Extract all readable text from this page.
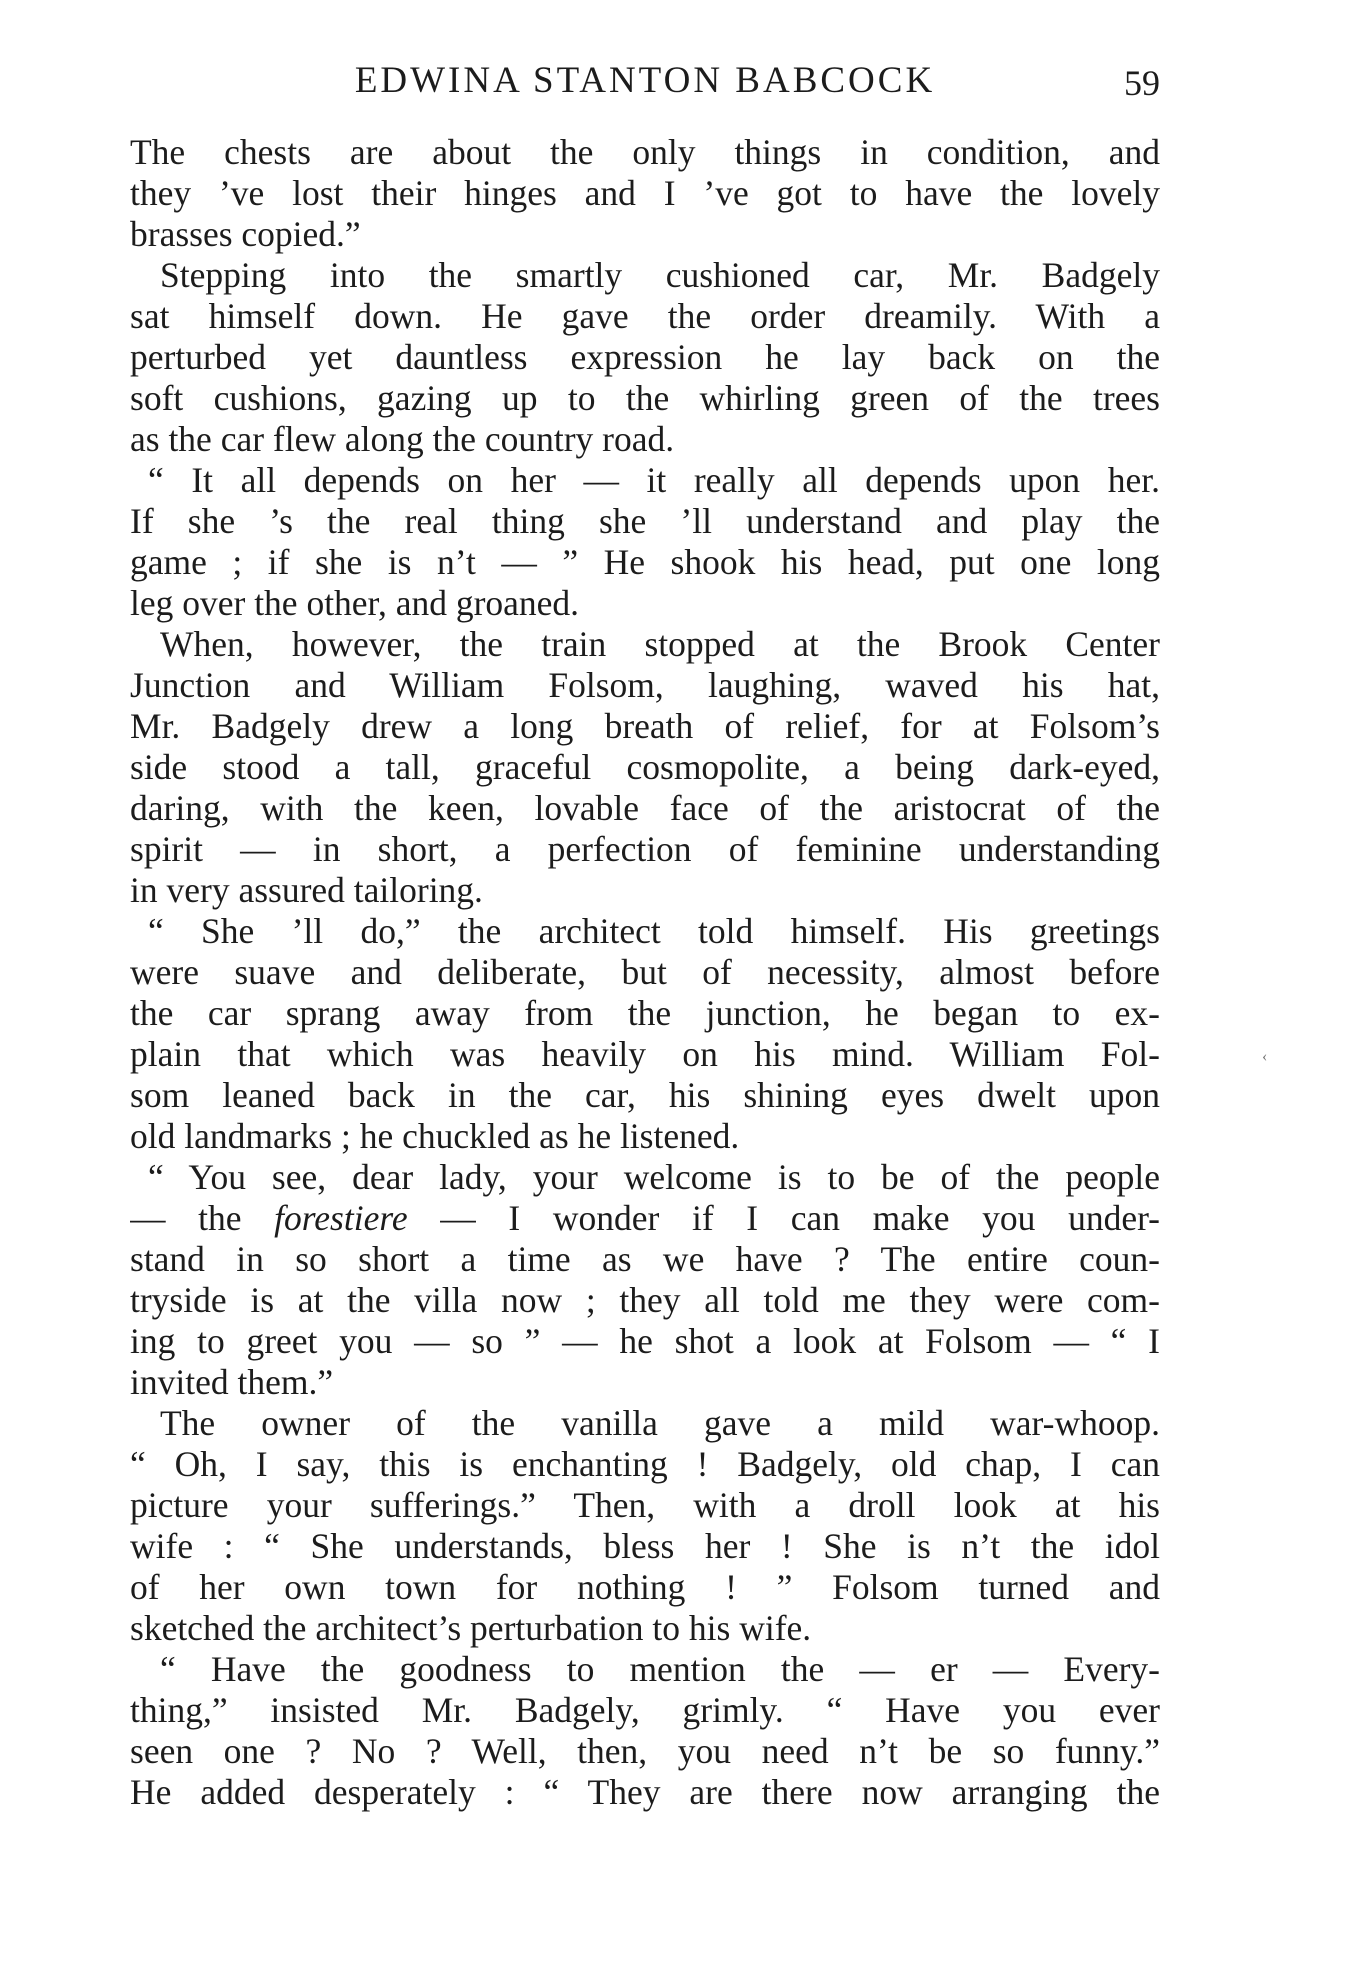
EDWINA STANTON BABCOCK	59
The chests are about the only things in condition, and
they ’ve lost their hinges and I ’ve got to have the lovely
brasses copied.”
Stepping into the smartly cushioned car, Mr. Badgely
sat himself down. He gave the order dreamily. With a
perturbed yet dauntless expression he lay back on the
soft cushions, gazing up to the whirling green of the trees
as the car flew along the country road.
“ It all depends on her — it really all depends upon her.
If she ’s the real thing she ’ll understand and play the
game ; if she is n’t — ” He shook his head, put one long
leg over the other, and groaned.
When, however, the train stopped at the Brook Center
Junction and William Folsom, laughing, waved his hat,
Mr. Badgely drew a long breath of relief, for at Folsom’s
side stood a tall, graceful cosmopolite, a being dark-eyed,
daring, with the keen, lovable face of the aristocrat of the
spirit — in short, a perfection of feminine understanding
in very assured tailoring.
“ She ’ll do,” the architect told himself. His greetings
were suave and deliberate, but of necessity, almost before
the car sprang away from the junction, he began to ex-
plain that which was heavily on his mind. William Fol-
som leaned back in the car, his shining eyes dwelt upon
old landmarks ; he chuckled as he listened.
“ You see, dear lady, your welcome is to be of the people
— the forestiere — I wonder if I can make you under-
stand in so short a time as we have ? The entire coun-
tryside is at the villa now ; they all told me they were com-
ing to greet you — so ” — he shot a look at Folsom — “ I
invited them.”
The owner of the vanilla gave a mild war-whoop.
“ Oh, I say, this is enchanting ! Badgely, old chap, I can
picture your sufferings.” Then, with a droll look at his
wife : “ She understands, bless her ! She is n’t the idol
of her own town for nothing ! ” Folsom turned and
sketched the architect’s perturbation to his wife.
“ Have the goodness to mention the — er — Every-
thing,” insisted Mr. Badgely, grimly. “ Have you ever
seen one ? No ? Well, then, you need n’t be so funny.”
He added desperately : “ They are there now arranging the
‹
